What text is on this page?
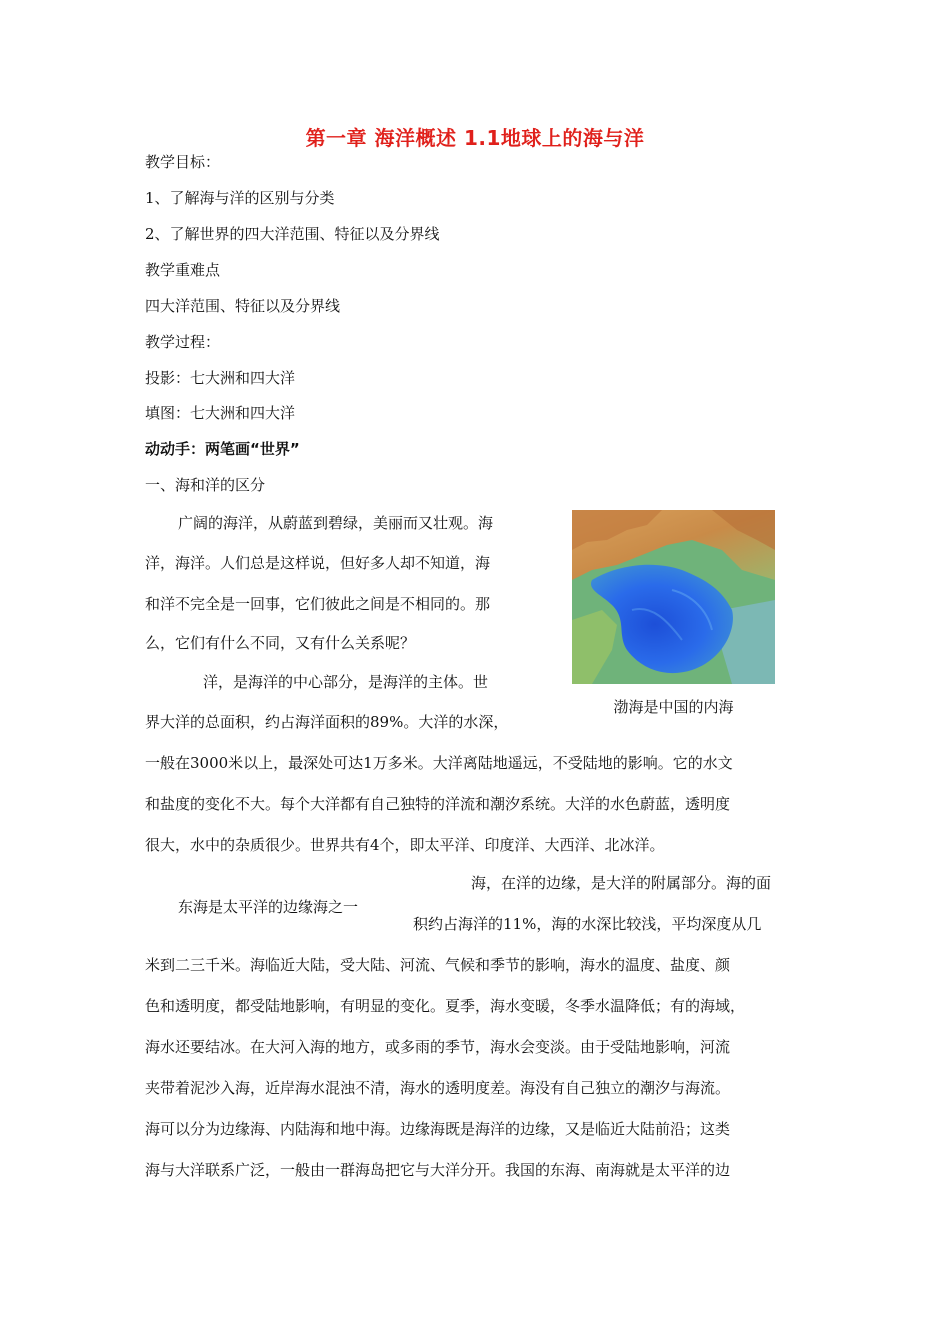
第一章 海洋概述 1.1地球上的海与洋
教学目标：
1、了解海与洋的区别与分类
2、了解世界的四大洋范围、特征以及分界线
教学重难点
四大洋范围、特征以及分界线
教学过程：
投影：七大洲和四大洋
填图：七大洲和四大洋
动动手：两笔画“世界”
一、海和洋的区分
广阔的海洋，从蔚蓝到碧绿，美丽而又壮观。海
洋，海洋。人们总是这样说，但好多人却不知道，海
和洋不完全是一回事，它们彼此之间是不相同的。那
么，它们有什么不同，又有什么关系呢？
洋，是海洋的中心部分，是海洋的主体。世
界大洋的总面积，约占海洋面积的89%。大洋的水深，
一般在3000米以上，最深处可达1万多米。大洋离陆地遥远，不受陆地的影响。它的水文
和盐度的变化不大。每个大洋都有自己独特的洋流和潮汐系统。大洋的水色蔚蓝，透明度
很大，水中的杂质很少。世界共有4个，即太平洋、印度洋、大西洋、北冰洋。
渤海是中国的内海
海，在洋的边缘，是大洋的附属部分。海的面
东海是太平洋的边缘海之一
积约占海洋的11%，海的水深比较浅，平均深度从几
米到二三千米。海临近大陆，受大陆、河流、气候和季节的影响，海水的温度、盐度、颜
色和透明度，都受陆地影响，有明显的变化。夏季，海水变暖，冬季水温降低；有的海域，
海水还要结冰。在大河入海的地方，或多雨的季节，海水会变淡。由于受陆地影响，河流
夹带着泥沙入海，近岸海水混浊不清，海水的透明度差。海没有自己独立的潮汐与海流。
海可以分为边缘海、内陆海和地中海。边缘海既是海洋的边缘，又是临近大陆前沿；这类
海与大洋联系广泛，一般由一群海岛把它与大洋分开。我国的东海、南海就是太平洋的边
